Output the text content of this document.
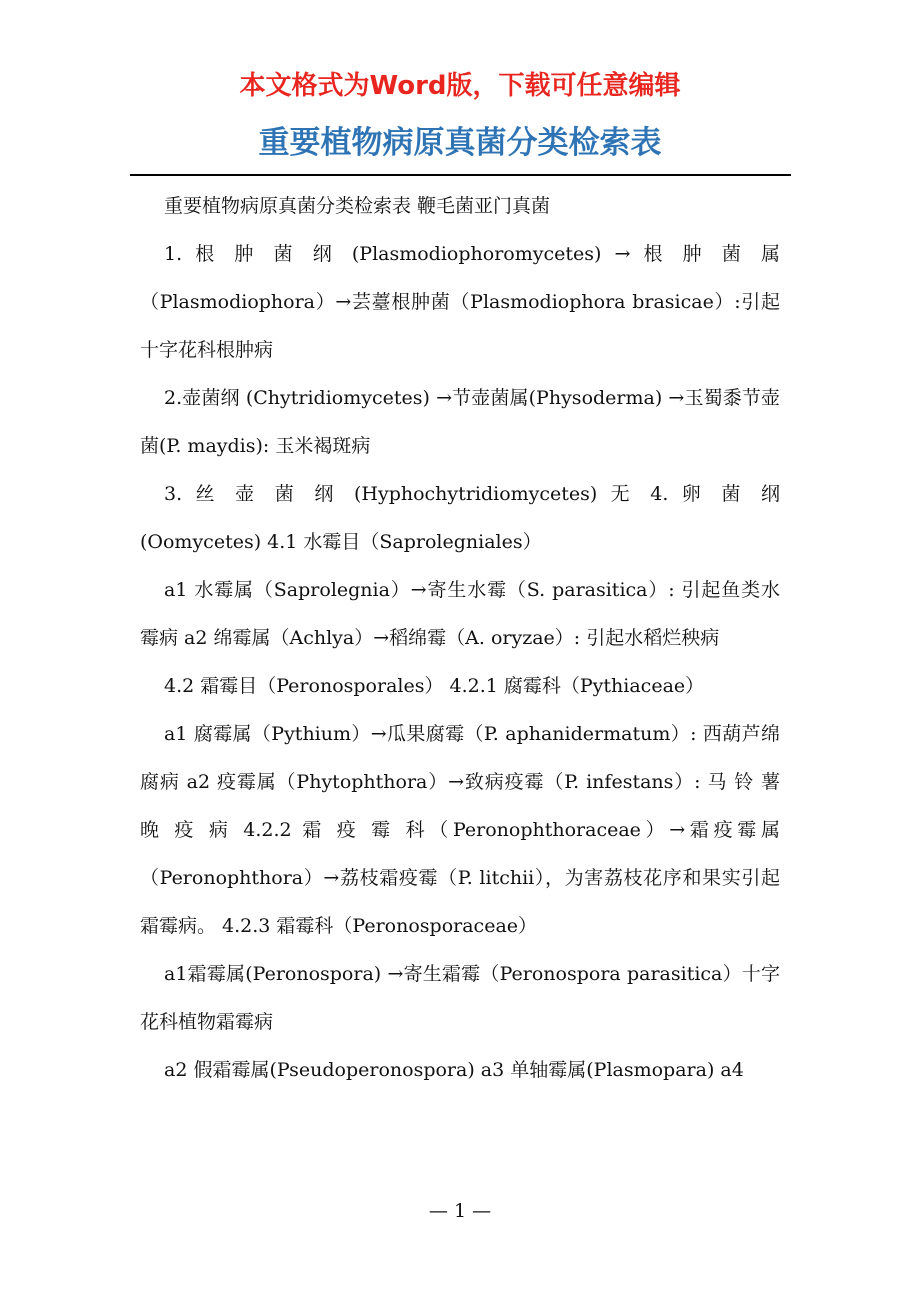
本文格式为Word版，下载可任意编辑
重要植物病原真菌分类检索表

重要植物病原真菌分类检索表 鞭毛菌亚门真菌

1. 根 肿 菌 纲 (Plasmodiophoromycetes) → 根 肿 菌 属（Plasmodiophora）→芸薹根肿菌（Plasmodiophora brasicae）:引起十字花科根肿病

2.壶菌纲 (Chytridiomycetes) →节壶菌属(Physoderma) →玉蜀黍节壶菌(P. maydis): 玉米褐斑病

3. 丝 壶 菌 纲 (Hyphochytridiomycetes) 无 4. 卵 菌 纲 (Oomycetes) 4.1 水霉目（Saprolegniales）

a1 水霉属（Saprolegnia）→寄生水霉（S. parasitica）: 引起鱼类水霉病 a2 绵霉属（Achlya）→稻绵霉（A. oryzae）: 引起水稻烂秧病

4.2 霜霉目（Peronosporales） 4.2.1 腐霉科（Pythiaceae）

a1 腐霉属（Pythium）→瓜果腐霉（P. aphanidermatum）: 西葫芦绵腐病 a2 疫霉属（Phytophthora）→致病疫霉（P. infestans）: 马 铃 薯 晚 疫 病 4.2.2 霜 疫 霉 科（Peronophthoraceae）→霜疫霉属（Peronophthora）→荔枝霜疫霉（P. litchii），为害荔枝花序和果实引起霜霉病。 4.2.3 霜霉科（Peronosporaceae）

a1霜霉属(Peronospora) →寄生霜霉（Peronospora parasitica）十字花科植物霜霉病

a2 假霜霉属(Pseudoperonospora) a3 单轴霉属(Plasmopara) a4

— 1 —
